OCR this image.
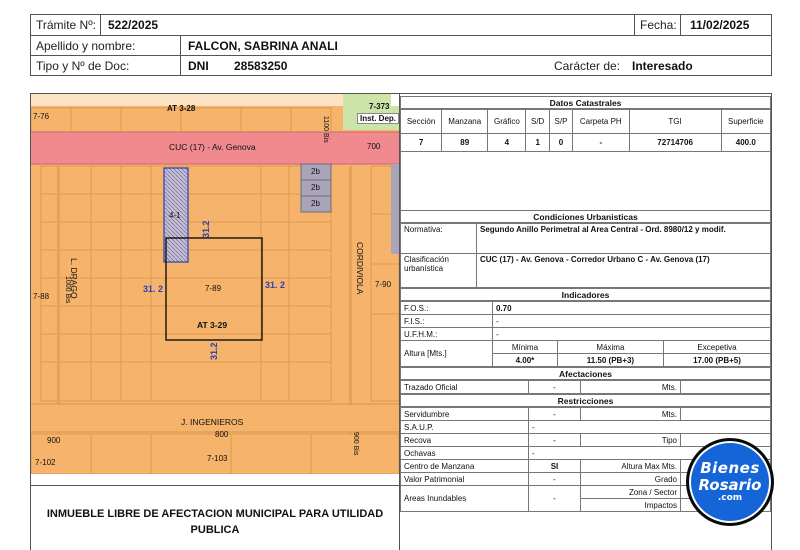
Trámite Nº: 522/2025	Fecha: 11/02/2025
Apellido y nombre:	FALCON, SABRINA ANALI
Tipo y Nº de Doc:	DNI 28583250	Carácter de: Interesado
AT 3-28	7-373
Inst. Dep.
1100 Bis
7-76
CUC (17) - Av. Genova	700
2b
2b
2b
4-1
31.2
31. 2	31. 2
31.2
7-89
AT 3-29
L. DRAGO
1000 Bis	CORDIVIOLA
7-88
7-90
J. INGENIEROS
900
800	900 Bis
7-102	7-103
INMUEBLE LIBRE DE AFECTACION MUNICIPAL PARA UTILIDAD PUBLICA
Datos Catastrales
Sección	Manzana	Gráfico	S/D	S/P	Carpeta PH	TGI	Superficie
7	89	4	1	0	-	72714706	400.0
Condiciones Urbanisticas
Normativa:	Segundo Anillo Perimetral al Area Central - Ord. 8980/12 y modif.

Clasificación
urbanística	CUC (17) - Av. Genova - Corredor Urbano C - Av. Genova (17)
Indicadores
F.O.S.:	0.70		
F.I.S.:	-		
U.F.H.M.:	-		
Altura [Mts.]	Mínima	Máxima	Excepetiva
	4.00*	11.50 (PB+3)	17.00 (PB+5)
Afectaciones
Trazado Oficial	-	Mts.	
Restricciones
Servidumbre	-	Mts.	
S.A.U.P.	-		
Recova	-	Tipo	
Ochavas	-		
Centro de Manzana	SI	Altura Max Mts.	
Valor Patrimonial	-	Grado	
Areas Inundables	-	Zona / Sector	
		Impactos	
Bienes
Rosario
.com
